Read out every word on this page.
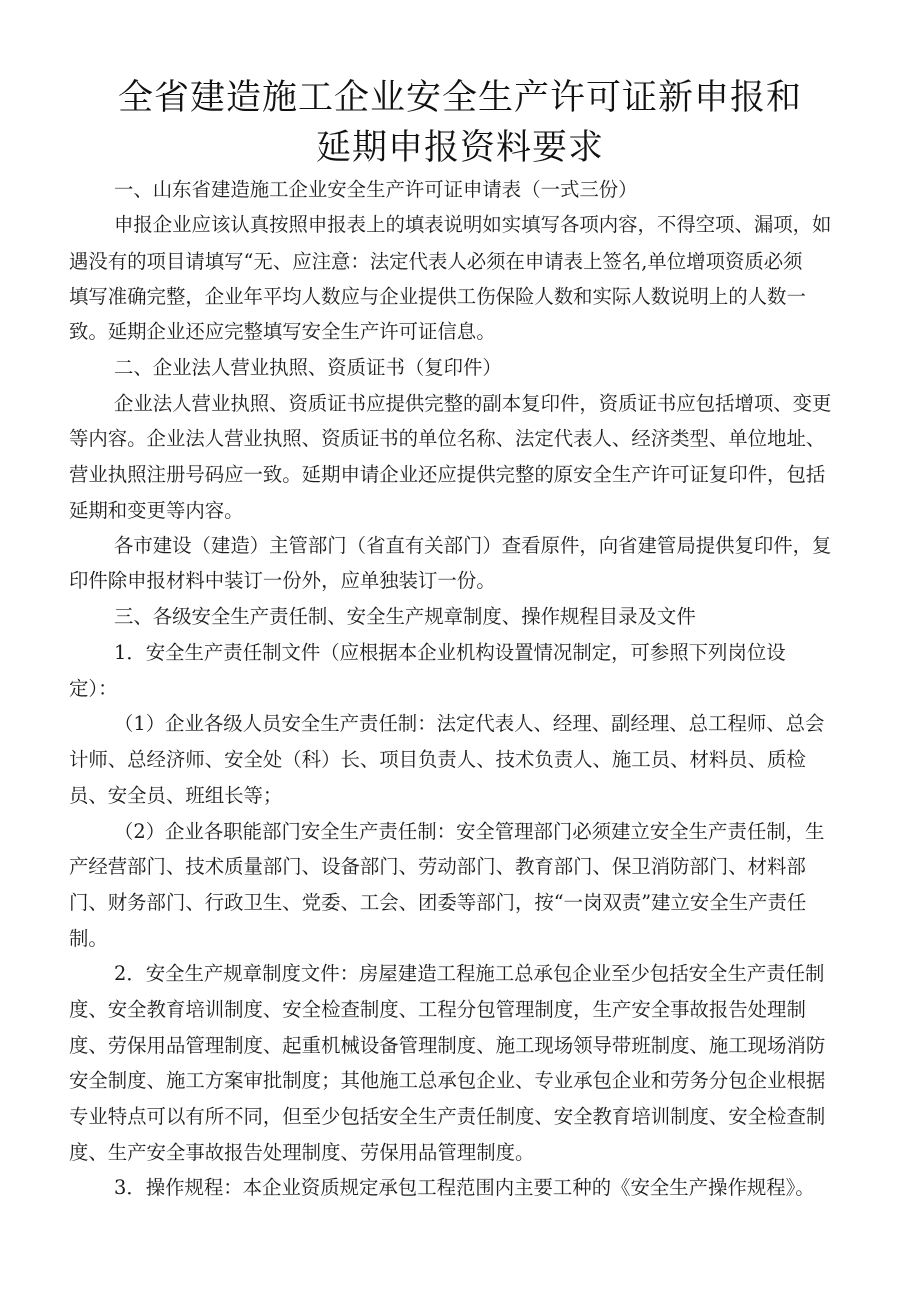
全省建造施工企业安全生产许可证新申报和
延期申报资料要求
一、山东省建造施工企业安全生产许可证申请表（一式三份）
申报企业应该认真按照申报表上的填表说明如实填写各项内容，不得空项、漏项，如
遇没有的项目请填写“无、应注意：法定代表人必须在申请表上签名,单位增项资质必须
填写准确完整，企业年平均人数应与企业提供工伤保险人数和实际人数说明上的人数一
致。延期企业还应完整填写安全生产许可证信息。
二、企业法人营业执照、资质证书（复印件）
企业法人营业执照、资质证书应提供完整的副本复印件，资质证书应包括增项、变更
等内容。企业法人营业执照、资质证书的单位名称、法定代表人、经济类型、单位地址、
营业执照注册号码应一致。延期申请企业还应提供完整的原安全生产许可证复印件，包括
延期和变更等内容。
各市建设（建造）主管部门（省直有关部门）查看原件，向省建管局提供复印件，复
印件除申报材料中装订一份外，应单独装订一份。
三、各级安全生产责任制、安全生产规章制度、操作规程目录及文件
1．安全生产责任制文件（应根据本企业机构设置情况制定，可参照下列岗位设
定）：
（1）企业各级人员安全生产责任制：法定代表人、经理、副经理、总工程师、总会
计师、总经济师、安全处（科）长、项目负责人、技术负责人、施工员、材料员、质检
员、安全员、班组长等；
（2）企业各职能部门安全生产责任制：安全管理部门必须建立安全生产责任制，生
产经营部门、技术质量部门、设备部门、劳动部门、教育部门、保卫消防部门、材料部
门、财务部门、行政卫生、党委、工会、团委等部门，按“一岗双责”建立安全生产责任
制。
2．安全生产规章制度文件：房屋建造工程施工总承包企业至少包括安全生产责任制
度、安全教育培训制度、安全检查制度、工程分包管理制度，生产安全事故报告处理制
度、劳保用品管理制度、起重机械设备管理制度、施工现场领导带班制度、施工现场消防
安全制度、施工方案审批制度；其他施工总承包企业、专业承包企业和劳务分包企业根据
专业特点可以有所不同，但至少包括安全生产责任制度、安全教育培训制度、安全检查制
度、生产安全事故报告处理制度、劳保用品管理制度。
3．操作规程：本企业资质规定承包工程范围内主要工种的《安全生产操作规程》。
